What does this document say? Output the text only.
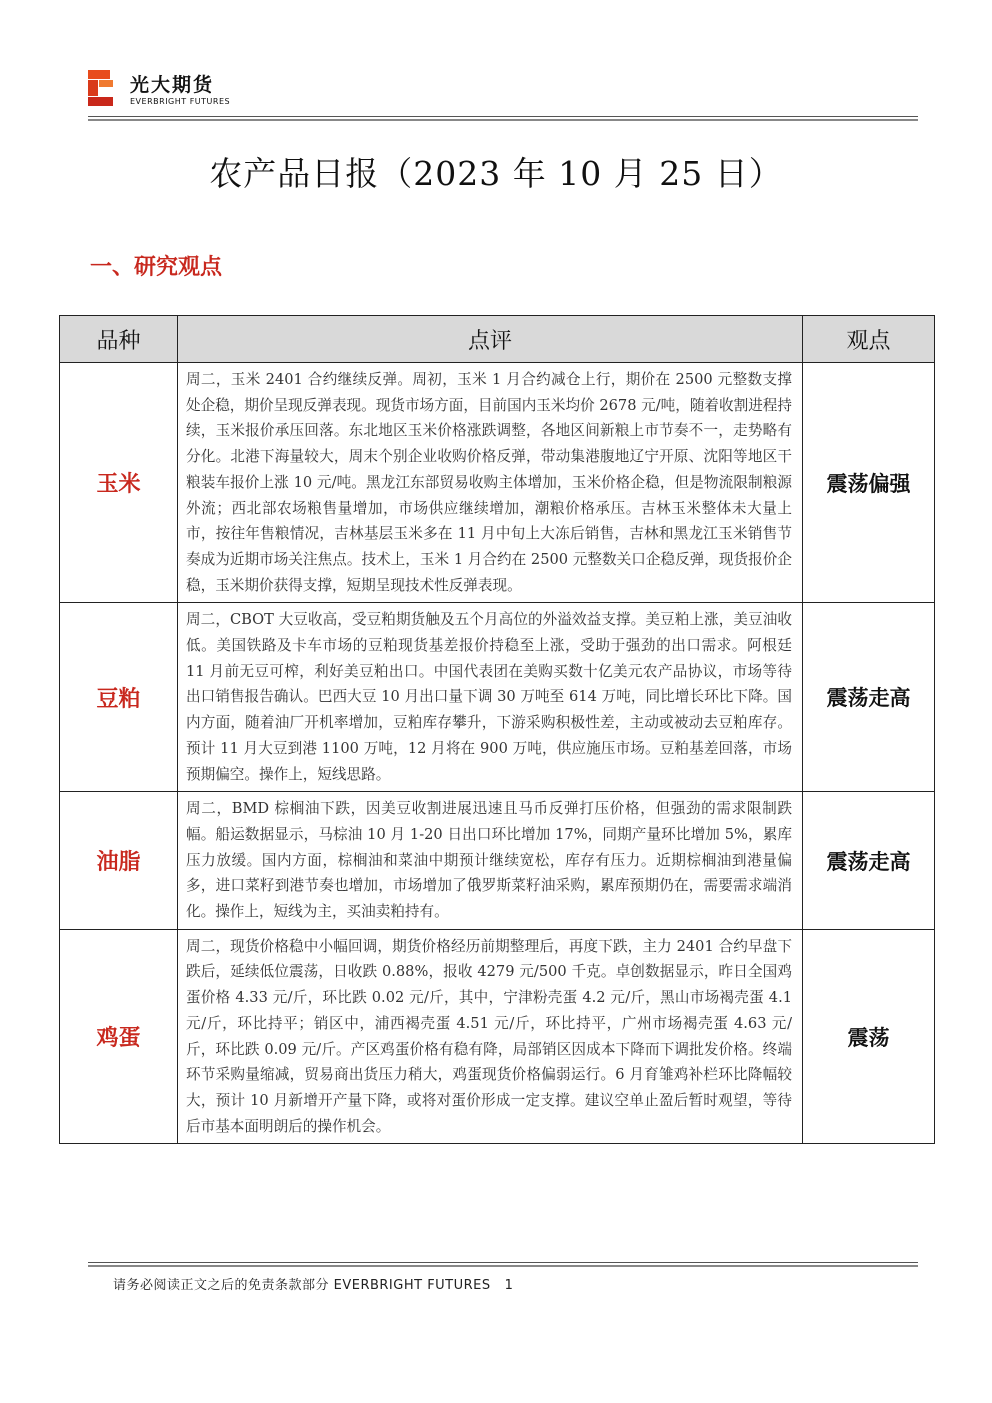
光大期货
EVERBRIGHT FUTURES
农产品日报（2023 年 10 月 25 日）
一、研究观点
品种	点评	观点
玉米	周二，玉米 2401 合约继续反弹。周初，玉米 1 月合约减仓上行，期价在 2500 元整数支撑处企稳，期价呈现反弹表现。现货市场方面，目前国内玉米均价 2678 元/吨，随着收割进程持续，玉米报价承压回落。东北地区玉米价格涨跌调整，各地区间新粮上市节奏不一，走势略有分化。北港下海量较大，周末个别企业收购价格反弹，带动集港腹地辽宁开原、沈阳等地区干粮装车报价上涨 10 元/吨。黑龙江东部贸易收购主体增加，玉米价格企稳，但是物流限制粮源外流；西北部农场粮售量增加，市场供应继续增加，潮粮价格承压。吉林玉米整体未大量上市，按往年售粮情况，吉林基层玉米多在 11 月中旬上大冻后销售，吉林和黑龙江玉米销售节奏成为近期市场关注焦点。技术上，玉米 1 月合约在 2500 元整数关口企稳反弹，现货报价企稳，玉米期价获得支撑，短期呈现技术性反弹表现。	震荡偏强
豆粕	周二，CBOT 大豆收高，受豆粕期货触及五个月高位的外溢效益支撑。美豆粕上涨，美豆油收低。美国铁路及卡车市场的豆粕现货基差报价持稳至上涨，受助于强劲的出口需求。阿根廷 11 月前无豆可榨，利好美豆粕出口。中国代表团在美购买数十亿美元农产品协议，市场等待出口销售报告确认。巴西大豆 10 月出口量下调 30 万吨至 614 万吨，同比增长环比下降。国内方面，随着油厂开机率增加，豆粕库存攀升，下游采购积极性差，主动或被动去豆粕库存。预计 11 月大豆到港 1100 万吨，12 月将在 900 万吨，供应施压市场。豆粕基差回落，市场预期偏空。操作上，短线思路。	震荡走高
油脂	周二，BMD 棕榈油下跌，因美豆收割进展迅速且马币反弹打压价格，但强劲的需求限制跌幅。船运数据显示，马棕油 10 月 1-20 日出口环比增加 17%，同期产量环比增加 5%，累库压力放缓。国内方面，棕榈油和菜油中期预计继续宽松，库存有压力。近期棕榈油到港量偏多，进口菜籽到港节奏也增加，市场增加了俄罗斯菜籽油采购，累库预期仍在，需要需求端消化。操作上，短线为主，买油卖粕持有。	震荡走高
鸡蛋	周二，现货价格稳中小幅回调，期货价格经历前期整理后，再度下跌，主力 2401 合约早盘下跌后，延续低位震荡，日收跌 0.88%，报收 4279 元/500 千克。卓创数据显示，昨日全国鸡蛋价格 4.33 元/斤，环比跌 0.02 元/斤，其中，宁津粉壳蛋 4.2 元/斤，黑山市场褐壳蛋 4.1 元/斤，环比持平；销区中，浦西褐壳蛋 4.51 元/斤，环比持平，广州市场褐壳蛋 4.63 元/斤，环比跌 0.09 元/斤。产区鸡蛋价格有稳有降，局部销区因成本下降而下调批发价格。终端环节采购量缩减，贸易商出货压力稍大，鸡蛋现货价格偏弱运行。6 月育雏鸡补栏环比降幅较大，预计 10 月新增开产量下降，或将对蛋价形成一定支撑。建议空单止盈后暂时观望，等待后市基本面明朗后的操作机会。	震荡
请务必阅读正文之后的免责条款部分 EVERBRIGHT FUTURES 1
